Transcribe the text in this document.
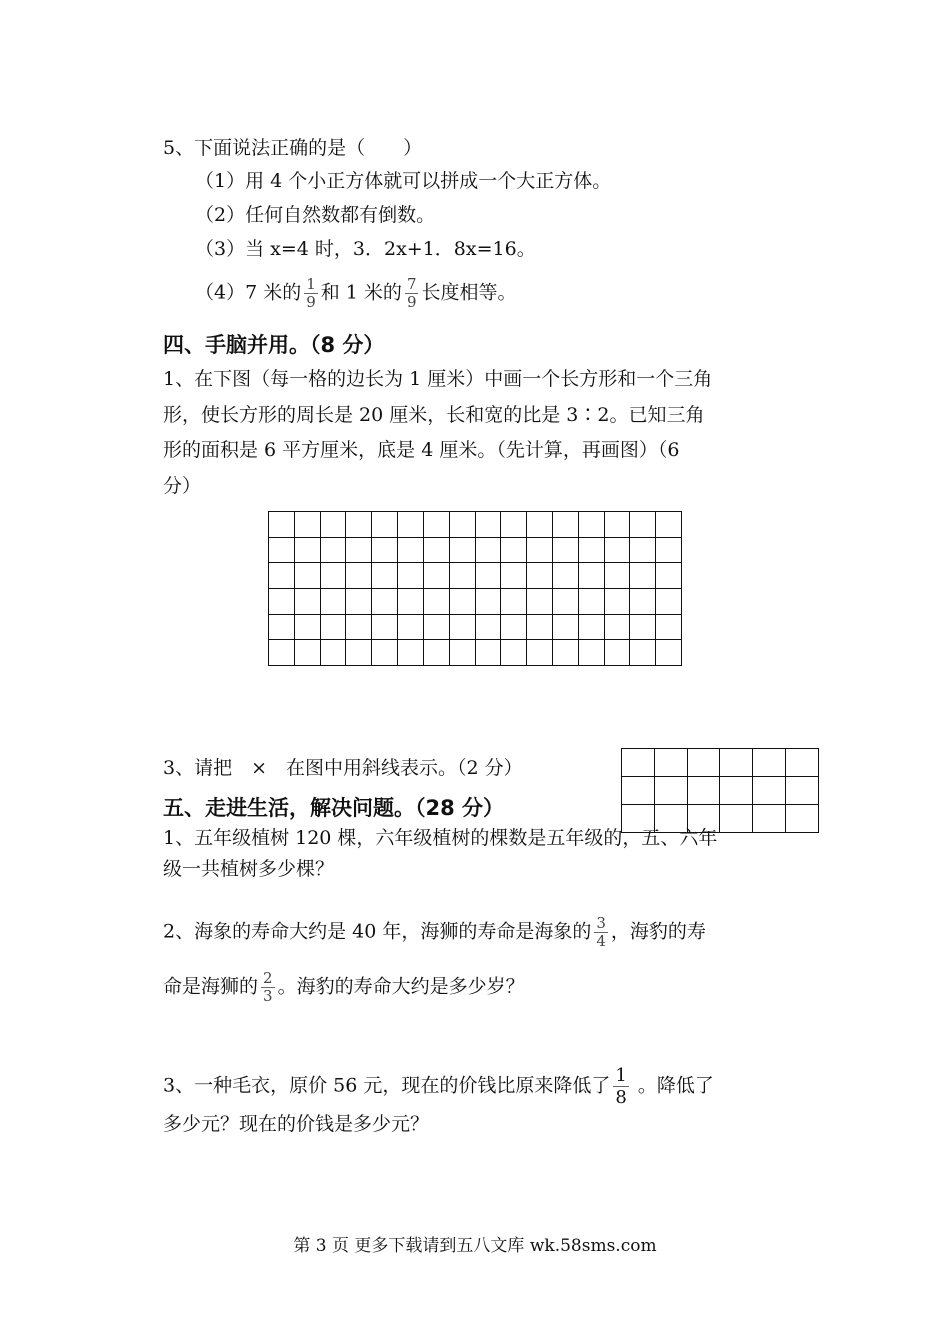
5、下面说法正确的是（　　）
（1）用 4 个小正方体就可以拼成一个大正方体。
（2）任何自然数都有倒数。
（3）当 x=4 时，3．2x+1．8x=16。
（4）7 米的 $\frac{1}{9}$ 和 1 米的 $\frac{7}{9}$ 长度相等。
四、手脑并用。（8 分）
1、在下图（每一格的边长为 1 厘米）中画一个长方形和一个三角
形，使长方形的周长是 20 厘米，长和宽的比是 3∶2。已知三角
形的面积是 6 平方厘米，底是 4 厘米。（先计算，再画图）（6
分）

3、请把　×　在图中用斜线表示。（2 分）

五、走进生活，解决问题。（28 分）
1、五年级植树 120 棵，六年级植树的棵数是五年级的，五、六年
级一共植树多少棵？
2、海象的寿命大约是 40 年，海狮的寿命是海象的 $\frac{3}{4}$ ，海豹的寿
命是海狮的 $\frac{2}{3}$ 。海豹的寿命大约是多少岁？
3、一种毛衣，原价 56 元，现在的价钱比原来降低了 $\frac{1}{8}$ 。降低了
多少元？现在的价钱是多少元？
第 3 页 更多下载请到五八文库 wk.58sms.com
